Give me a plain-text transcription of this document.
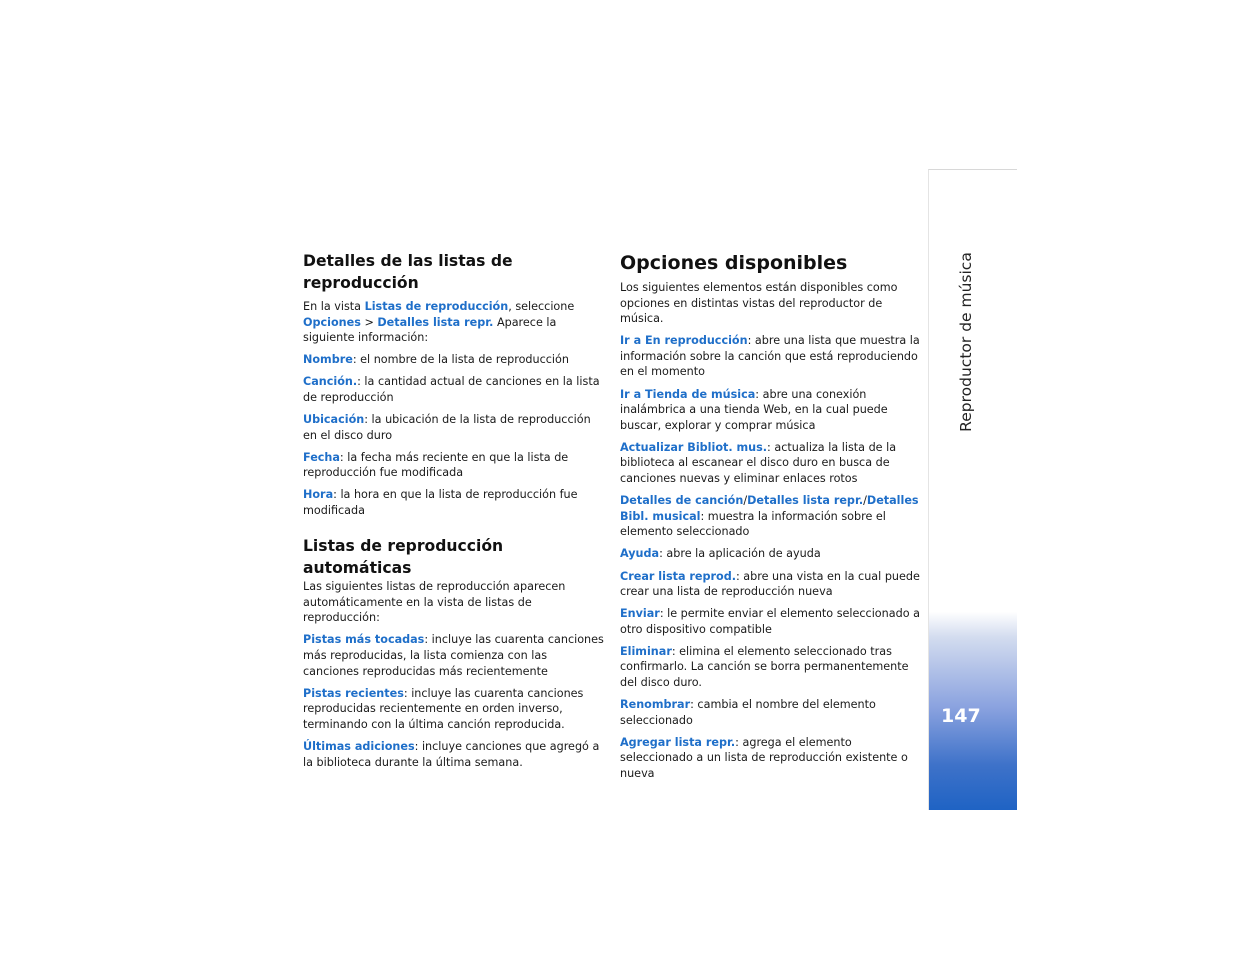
Detalles de las listas de reproducción

En la vista Listas de reproducción, seleccione Opciones > Detalles lista repr. Aparece la siguiente información:

Nombre: el nombre de la lista de reproducción

Canción.: la cantidad actual de canciones en la lista de reproducción

Ubicación: la ubicación de la lista de reproducción en el disco duro

Fecha: la fecha más reciente en que la lista de reproducción fue modificada

Hora: la hora en que la lista de reproducción fue modificada

Listas de reproducción automáticas

Las siguientes listas de reproducción aparecen automáticamente en la vista de listas de reproducción:

Pistas más tocadas: incluye las cuarenta canciones más reproducidas, la lista comienza con las canciones reproducidas más recientemente

Pistas recientes: incluye las cuarenta canciones reproducidas recientemente en orden inverso, terminando con la última canción reproducida.

Últimas adiciones: incluye canciones que agregó a la biblioteca durante la última semana.

Opciones disponibles

Los siguientes elementos están disponibles como opciones en distintas vistas del reproductor de música.

Ir a En reproducción: abre una lista que muestra la información sobre la canción que está reproduciendo en el momento

Ir a Tienda de música: abre una conexión inalámbrica a una tienda Web, en la cual puede buscar, explorar y comprar música

Actualizar Bibliot. mus.: actualiza la lista de la biblioteca al escanear el disco duro en busca de canciones nuevas y eliminar enlaces rotos

Detalles de canción/Detalles lista repr./Detalles Bibl. musical: muestra la información sobre el elemento seleccionado

Ayuda: abre la aplicación de ayuda

Crear lista reprod.: abre una vista en la cual puede crear una lista de reproducción nueva

Enviar: le permite enviar el elemento seleccionado a otro dispositivo compatible

Eliminar: elimina el elemento seleccionado tras confirmarlo. La canción se borra permanentemente del disco duro.

Renombrar: cambia el nombre del elemento seleccionado

Agregar lista repr.: agrega el elemento seleccionado a un lista de reproducción existente o nueva

Reproductor de música
147
